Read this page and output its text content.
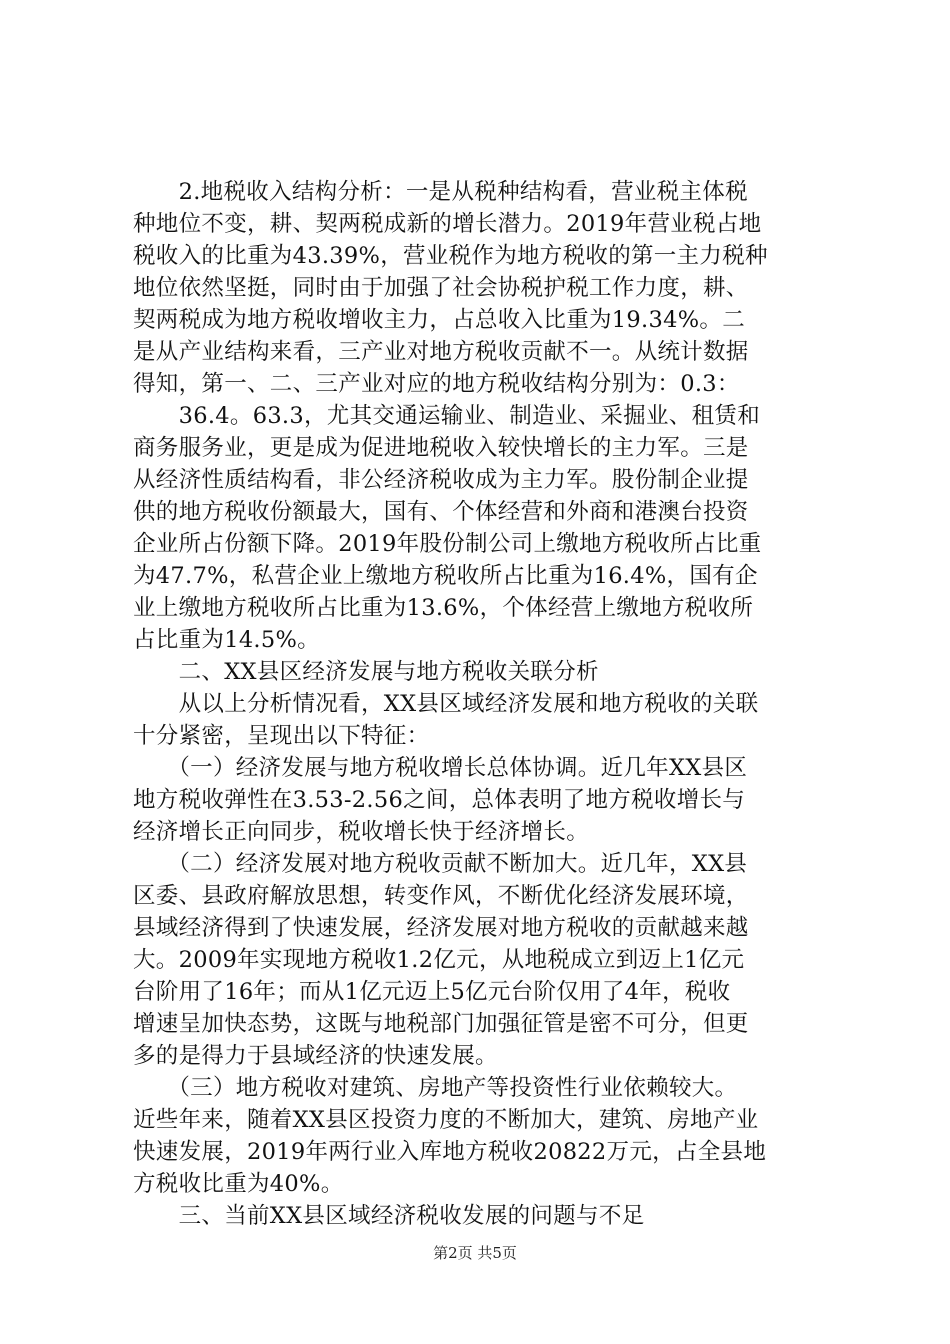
　　2.地税收入结构分析：一是从税种结构看，营业税主体税
种地位不变，耕、契两税成新的增长潜力。2019年营业税占地
税收入的比重为43.39%，营业税作为地方税收的第一主力税种
地位依然坚挺，同时由于加强了社会协税护税工作力度，耕、
契两税成为地方税收增收主力，占总收入比重为19.34%。二
是从产业结构来看，三产业对地方税收贡献不一。从统计数据
得知，第一、二、三产业对应的地方税收结构分别为：0.3：
　　36.4。63.3，尤其交通运输业、制造业、采掘业、租赁和
商务服务业，更是成为促进地税收入较快增长的主力军。三是
从经济性质结构看，非公经济税收成为主力军。股份制企业提
供的地方税收份额最大，国有、个体经营和外商和港澳台投资
企业所占份额下降。2019年股份制公司上缴地方税收所占比重
为47.7%，私营企业上缴地方税收所占比重为16.4%，国有企
业上缴地方税收所占比重为13.6%，个体经营上缴地方税收所
占比重为14.5%。
　　二、XX县区经济发展与地方税收关联分析
　　从以上分析情况看，XX县区域经济发展和地方税收的关联
十分紧密，呈现出以下特征：
　　（一）经济发展与地方税收增长总体协调。近几年XX县区
地方税收弹性在3.53-2.56之间，总体表明了地方税收增长与
经济增长正向同步，税收增长快于经济增长。
　　（二）经济发展对地方税收贡献不断加大。近几年，XX县
区委、县政府解放思想，转变作风，不断优化经济发展环境，
县域经济得到了快速发展，经济发展对地方税收的贡献越来越
大。2009年实现地方税收1.2亿元，从地税成立到迈上1亿元
台阶用了16年；而从1亿元迈上5亿元台阶仅用了4年，税收
增速呈加快态势，这既与地税部门加强征管是密不可分，但更
多的是得力于县域经济的快速发展。
　　（三）地方税收对建筑、房地产等投资性行业依赖较大。
近些年来，随着XX县区投资力度的不断加大，建筑、房地产业
快速发展，2019年两行业入库地方税收20822万元，占全县地
方税收比重为40%。
　　三、当前XX县区域经济税收发展的问题与不足
第2页 共5页
